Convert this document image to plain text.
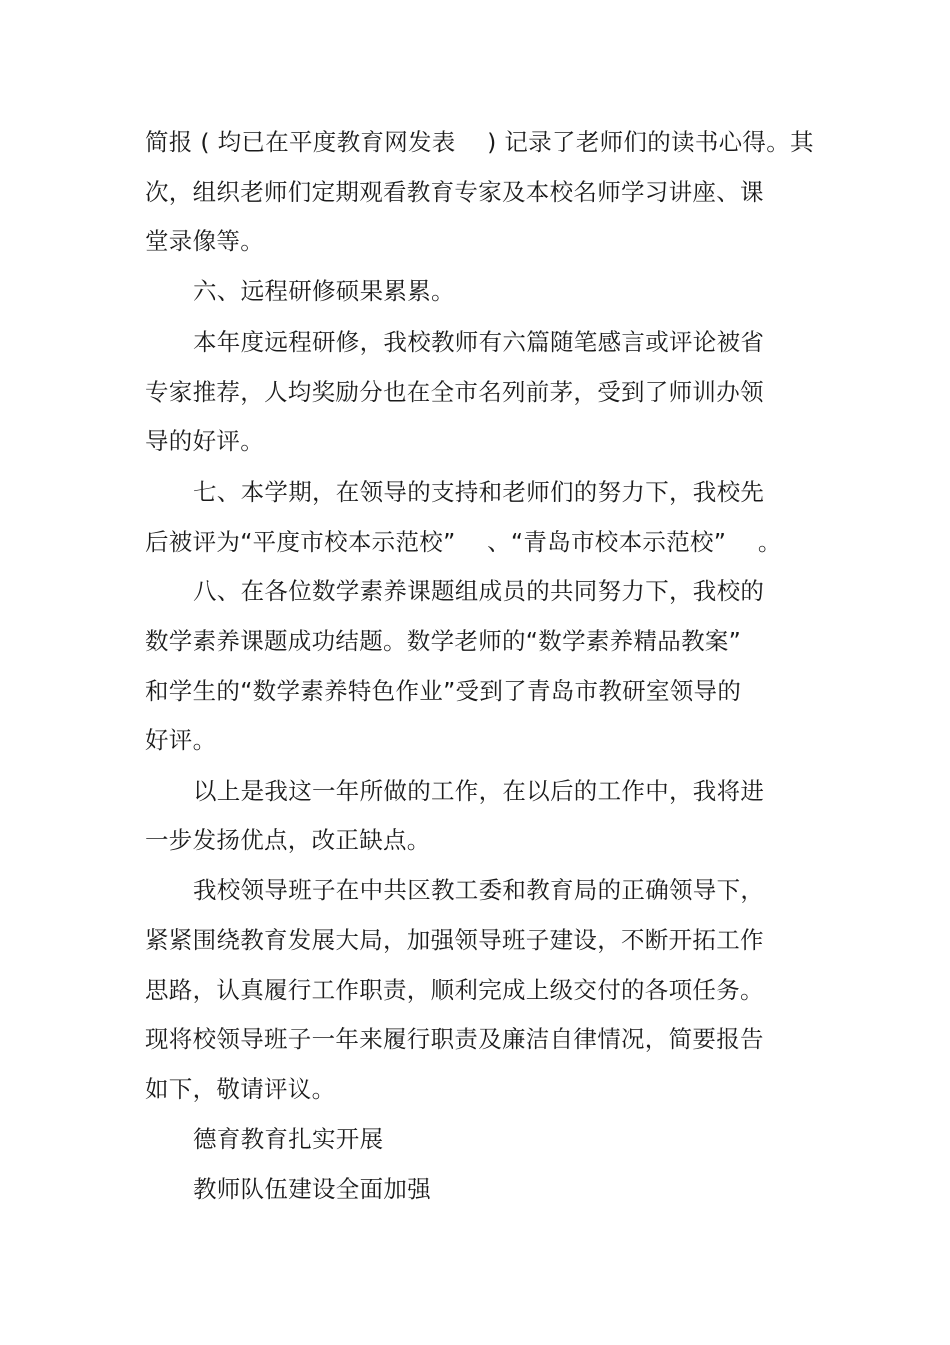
简报 ( 均已在平度教育网发表　 ) 记录了老师们的读书心得。其
次，组织老师们定期观看教育专家及本校名师学习讲座、课
堂录像等。
六、远程研修硕果累累。
本年度远程研修，我校教师有六篇随笔感言或评论被省
专家推荐，人均奖励分也在全市名列前茅，受到了师训办领
导的好评。
七、本学期，在领导的支持和老师们的努力下，我校先
后被评为“平度市校本示范校”　 、“青岛市校本示范校”　 。
八、在各位数学素养课题组成员的共同努力下，我校的
数学素养课题成功结题。数学老师的“数学素养精品教案”
和学生的“数学素养特色作业”受到了青岛市教研室领导的
好评。
以上是我这一年所做的工作，在以后的工作中，我将进
一步发扬优点，改正缺点。
我校领导班子在中共区教工委和教育局的正确领导下，
紧紧围绕教育发展大局，加强领导班子建设，不断开拓工作
思路，认真履行工作职责，顺利完成上级交付的各项任务。
现将校领导班子一年来履行职责及廉洁自律情况，简要报告
如下，敬请评议。
德育教育扎实开展
教师队伍建设全面加强
